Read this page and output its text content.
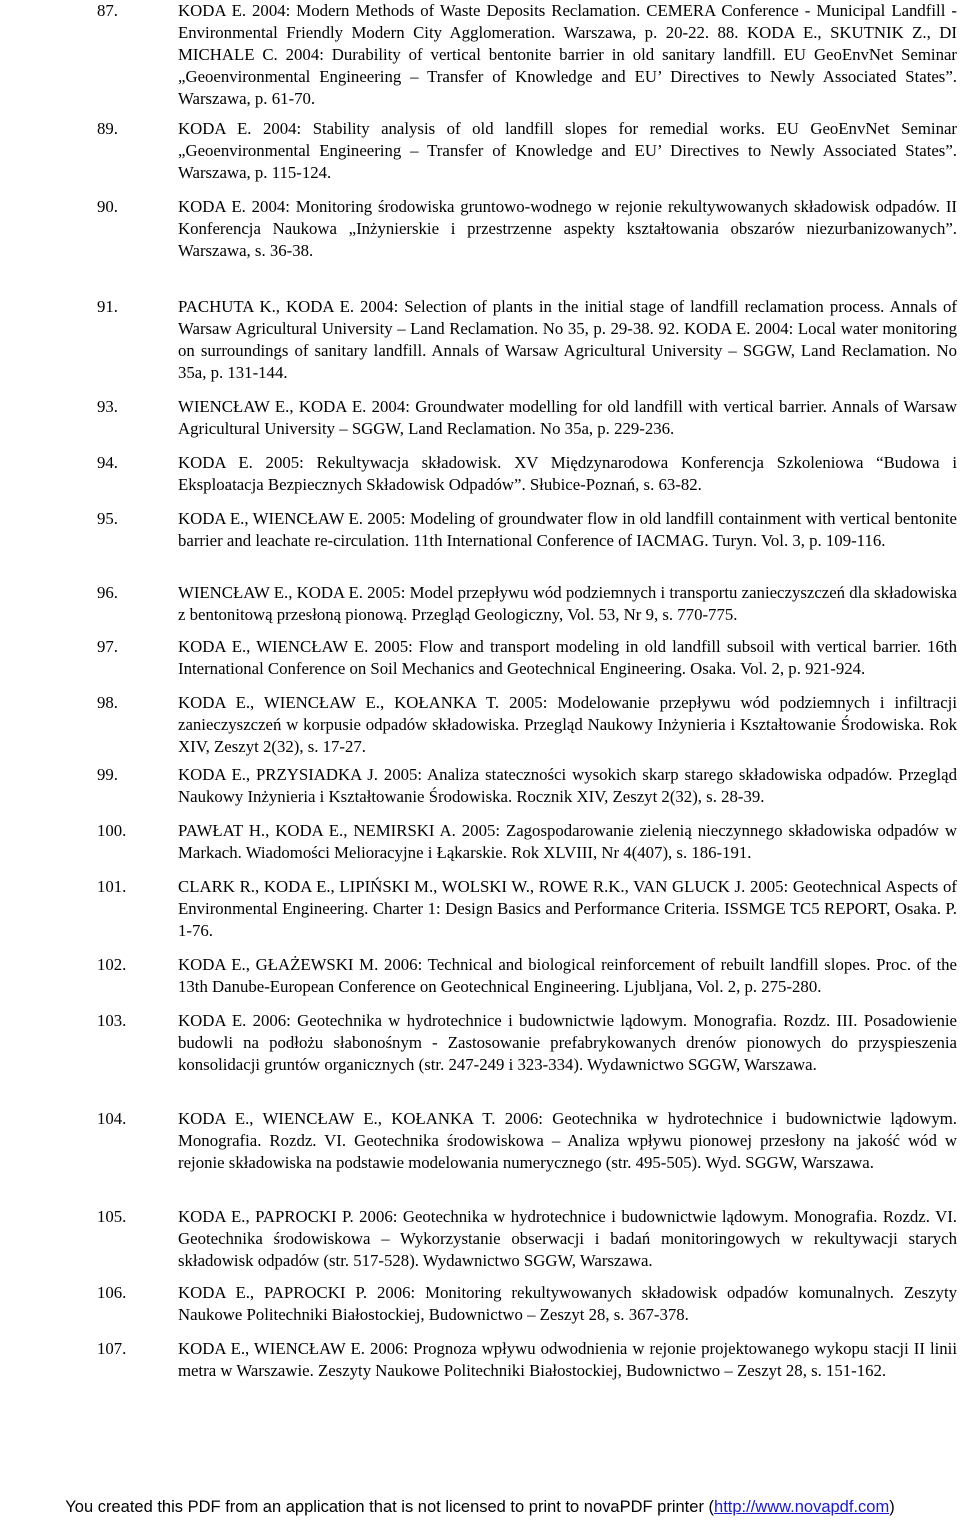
87.	KODA E. 2004: Modern Methods of Waste Deposits Reclamation. CEMERA Conference - Municipal Landfill - Environmental Friendly Modern City Agglomeration. Warszawa, p. 20-22. 88. KODA E., SKUTNIK Z., DI MICHALE C. 2004: Durability of vertical bentonite barrier in old sanitary landfill. EU GeoEnvNet Seminar „Geoenvironmental Engineering – Transfer of Knowledge and EU’ Directives to Newly Associated States”. Warszawa, p. 61-70.
89.	KODA E. 2004: Stability analysis of old landfill slopes for remedial works. EU GeoEnvNet Seminar „Geoenvironmental Engineering – Transfer of Knowledge and EU’ Directives to Newly Associated States”. Warszawa, p. 115-124.
90.	KODA E. 2004: Monitoring środowiska gruntowo-wodnego w rejonie rekultywowanych składowisk odpadów. II Konferencja Naukowa „Inżynierskie i przestrzenne aspekty kształtowania obszarów niezurbanizowanych”. Warszawa, s. 36-38.
91.	PACHUTA K., KODA E. 2004: Selection of plants in the initial stage of landfill reclamation process. Annals of Warsaw Agricultural University – Land Reclamation. No 35, p. 29-38. 92. KODA E. 2004: Local water monitoring on surroundings of sanitary landfill. Annals of Warsaw Agricultural University – SGGW, Land Reclamation. No 35a, p. 131-144.
93.	WIENCŁAW E., KODA E. 2004: Groundwater modelling for old landfill with vertical barrier. Annals of Warsaw Agricultural University – SGGW, Land Reclamation. No 35a, p. 229-236.
94.	KODA E. 2005: Rekultywacja składowisk. XV Międzynarodowa Konferencja Szkoleniowa “Budowa i Eksploatacja Bezpiecznych Składowisk Odpadów”. Słubice-Poznań, s. 63-82.
95.	KODA E., WIENCŁAW E. 2005: Modeling of groundwater flow in old landfill containment with vertical bentonite barrier and leachate re-circulation. 11th International Conference of IACMAG. Turyn. Vol. 3, p. 109-116.
96.	WIENCŁAW E., KODA E. 2005: Model przepływu wód podziemnych i transportu zanieczyszczeń dla składowiska z bentonitową przesłoną pionową. Przegląd Geologiczny, Vol. 53, Nr 9, s. 770-775.
97.	KODA E., WIENCŁAW E. 2005: Flow and transport modeling in old landfill subsoil with vertical barrier. 16th International Conference on Soil Mechanics and Geotechnical Engineering. Osaka. Vol. 2, p. 921-924.
98.	KODA E., WIENCŁAW E., KOŁANKA T. 2005: Modelowanie przepływu wód podziemnych i infiltracji zanieczyszczeń w korpusie odpadów składowiska. Przegląd Naukowy Inżynieria i Kształtowanie Środowiska. Rok XIV, Zeszyt 2(32), s. 17-27.
99.	KODA E., PRZYSIADKA J. 2005: Analiza stateczności wysokich skarp starego składowiska odpadów. Przegląd Naukowy Inżynieria i Kształtowanie Środowiska. Rocznik XIV, Zeszyt 2(32), s. 28-39.
100.	PAWŁAT H., KODA E., NEMIRSKI A. 2005: Zagospodarowanie zielenią nieczynnego składowiska odpadów w Markach. Wiadomości Melioracyjne i Łąkarskie. Rok XLVIII, Nr 4(407), s. 186-191.
101.	CLARK R., KODA E., LIPIŃSKI M., WOLSKI W., ROWE R.K., VAN GLUCK J. 2005: Geotechnical Aspects of Environmental Engineering. Charter 1: Design Basics and Performance Criteria. ISSMGE TC5 REPORT, Osaka. P. 1-76.
102.	KODA E., GŁAŻEWSKI M. 2006: Technical and biological reinforcement of rebuilt landfill slopes. Proc. of the 13th Danube-European Conference on Geotechnical Engineering. Ljubljana, Vol. 2, p. 275-280.
103.	KODA E. 2006: Geotechnika w hydrotechnice i budownictwie lądowym. Monografia. Rozdz. III. Posadowienie budowli na podłożu słabonośnym - Zastosowanie prefabrykowanych drenów pionowych do przyspieszenia konsolidacji gruntów organicznych (str. 247-249 i 323-334). Wydawnictwo SGGW, Warszawa.
104.	KODA E., WIENCŁAW E., KOŁANKA T. 2006: Geotechnika w hydrotechnice i budownictwie lądowym. Monografia. Rozdz. VI. Geotechnika środowiskowa – Analiza wpływu pionowej przesłony na jakość wód w rejonie składowiska na podstawie modelowania numerycznego (str. 495-505). Wyd. SGGW, Warszawa.
105.	KODA E., PAPROCKI P. 2006: Geotechnika w hydrotechnice i budownictwie lądowym. Monografia. Rozdz. VI. Geotechnika środowiskowa – Wykorzystanie obserwacji i badań monitoringowych w rekultywacji starych składowisk odpadów (str. 517-528). Wydawnictwo SGGW, Warszawa.
106.	KODA E., PAPROCKI P. 2006: Monitoring rekultywowanych składowisk odpadów komunalnych. Zeszyty Naukowe Politechniki Białostockiej, Budownictwo – Zeszyt 28, s. 367-378.
107.	KODA E., WIENCŁAW E. 2006: Prognoza wpływu odwodnienia w rejonie projektowanego wykopu stacji II linii metra w Warszawie. Zeszyty Naukowe Politechniki Białostockiej, Budownictwo – Zeszyt 28, s. 151-162.
You created this PDF from an application that is not licensed to print to novaPDF printer (http://www.novapdf.com)
